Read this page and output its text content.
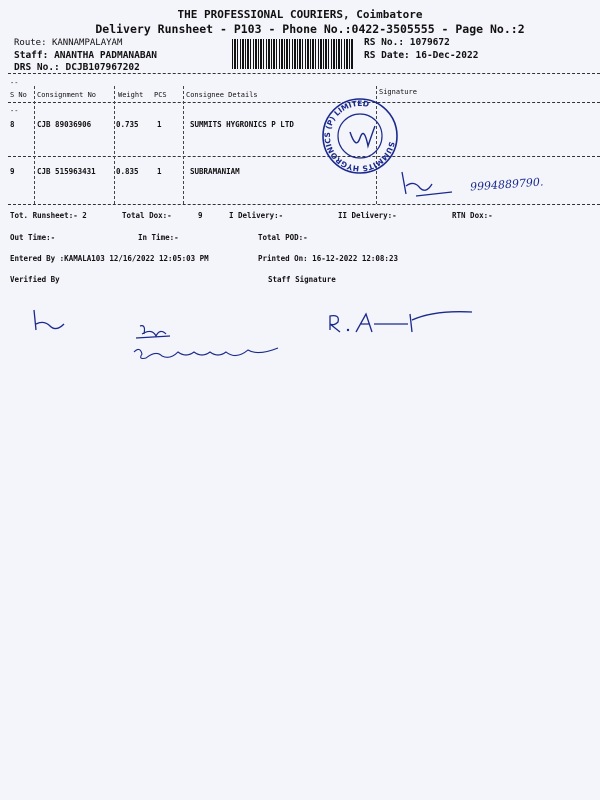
THE PROFESSIONAL COURIERS, Coimbatore
Delivery Runsheet - P103 - Phone No.:0422-3505555 - Page No.:2
Route: KANNAMPALAYAM
Staff: ANANTHA PADMANABAN
DRS No.: DCJB107967202
RS No.: 1079672
RS Date: 16-Dec-2022
--
--
S No Consignment No	Weight PCS	Consignee Details	Signature
8	CJB 89036906	0.735 1	SUMMITS HYGRONICS P LTD
9	CJB 515963431	0.835 1	SUBRAMANIAM
SUMMITS HYGRONICS (P) LIMITED
9994889790.
Tot. Runsheet:- 2	Total Dox:-	9	I Delivery:-	II Delivery:-	RTN Dox:-
Out Time:-	In Time:-	Total POD:-
Entered By :KAMALA103 12/16/2022 12:05:03 PM	Printed On: 16-12-2022 12:08:23
Verified By	Staff Signature
